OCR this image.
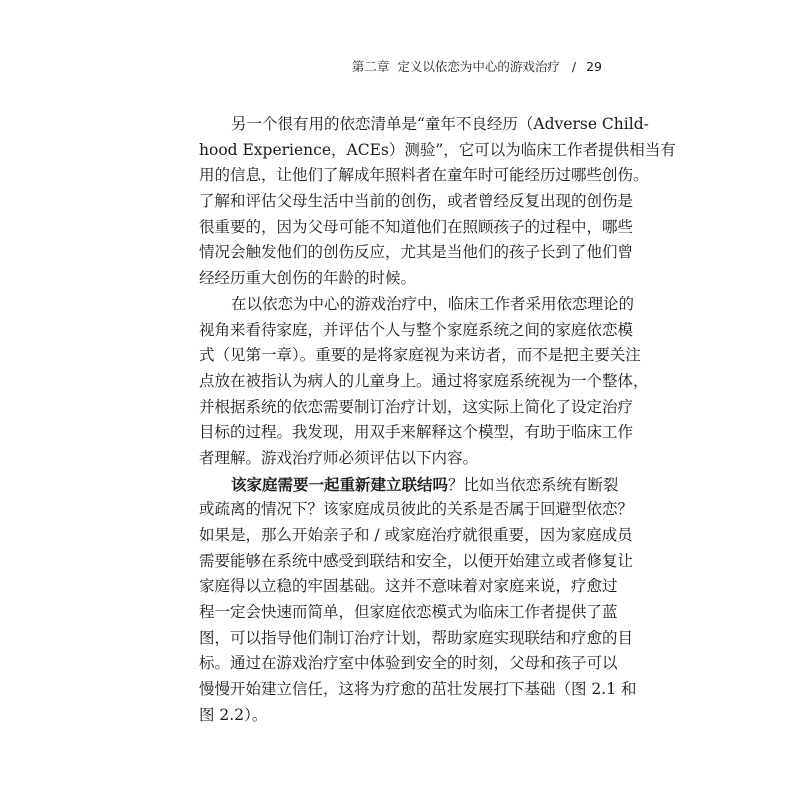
第二章 定义以依恋为中心的游戏治疗 / 29
另一个很有用的依恋清单是“童年不良经历（Adverse Child-
hood Experience，ACEs）测验”，它可以为临床工作者提供相当有
用的信息，让他们了解成年照料者在童年时可能经历过哪些创伤。
了解和评估父母生活中当前的创伤，或者曾经反复出现的创伤是
很重要的，因为父母可能不知道他们在照顾孩子的过程中，哪些
情况会触发他们的创伤反应，尤其是当他们的孩子长到了他们曾
经经历重大创伤的年龄的时候。
在以依恋为中心的游戏治疗中，临床工作者采用依恋理论的
视角来看待家庭，并评估个人与整个家庭系统之间的家庭依恋模
式（见第一章）。重要的是将家庭视为来访者，而不是把主要关注
点放在被指认为病人的儿童身上。通过将家庭系统视为一个整体，
并根据系统的依恋需要制订治疗计划，这实际上简化了设定治疗
目标的过程。我发现，用双手来解释这个模型，有助于临床工作
者理解。游戏治疗师必须评估以下内容。
该家庭需要一起重新建立联结吗？比如当依恋系统有断裂
或疏离的情况下？该家庭成员彼此的关系是否属于回避型依恋？
如果是，那么开始亲子和 / 或家庭治疗就很重要，因为家庭成员
需要能够在系统中感受到联结和安全，以便开始建立或者修复让
家庭得以立稳的牢固基础。这并不意味着对家庭来说，疗愈过
程一定会快速而简单，但家庭依恋模式为临床工作者提供了蓝
图，可以指导他们制订治疗计划，帮助家庭实现联结和疗愈的目
标。通过在游戏治疗室中体验到安全的时刻，父母和孩子可以
慢慢开始建立信任，这将为疗愈的茁壮发展打下基础（图 2.1 和
图 2.2）。
